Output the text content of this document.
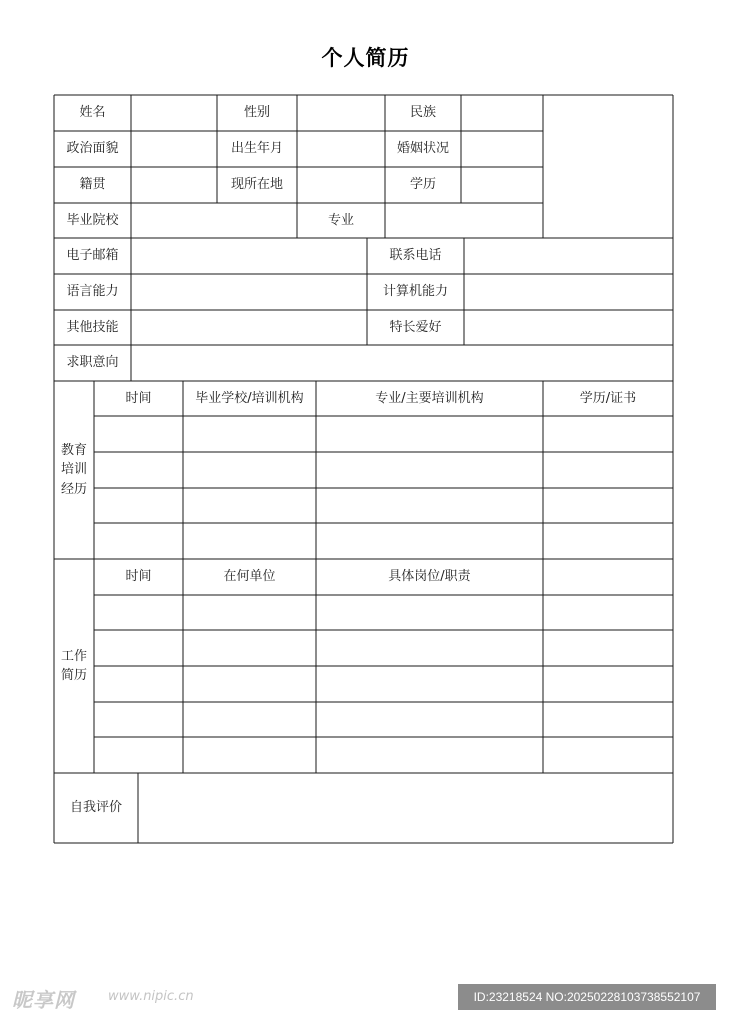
个人简历
姓名	性别	民族
政治面貌	出生年月	婚姻状况
籍贯	现所在地	学历
毕业院校	专业
电子邮箱	联系电话
语言能力	计算机能力
其他技能	特长爱好
求职意向
教育
培训
经历
时间	毕业学校/培训机构	专业/主要培训机构	学历/证书
工作
简历
时间	在何单位	具体岗位/职责
自我评价
昵享网	www.nipic.cn	ID:23218524 NO:20250228103738552107
